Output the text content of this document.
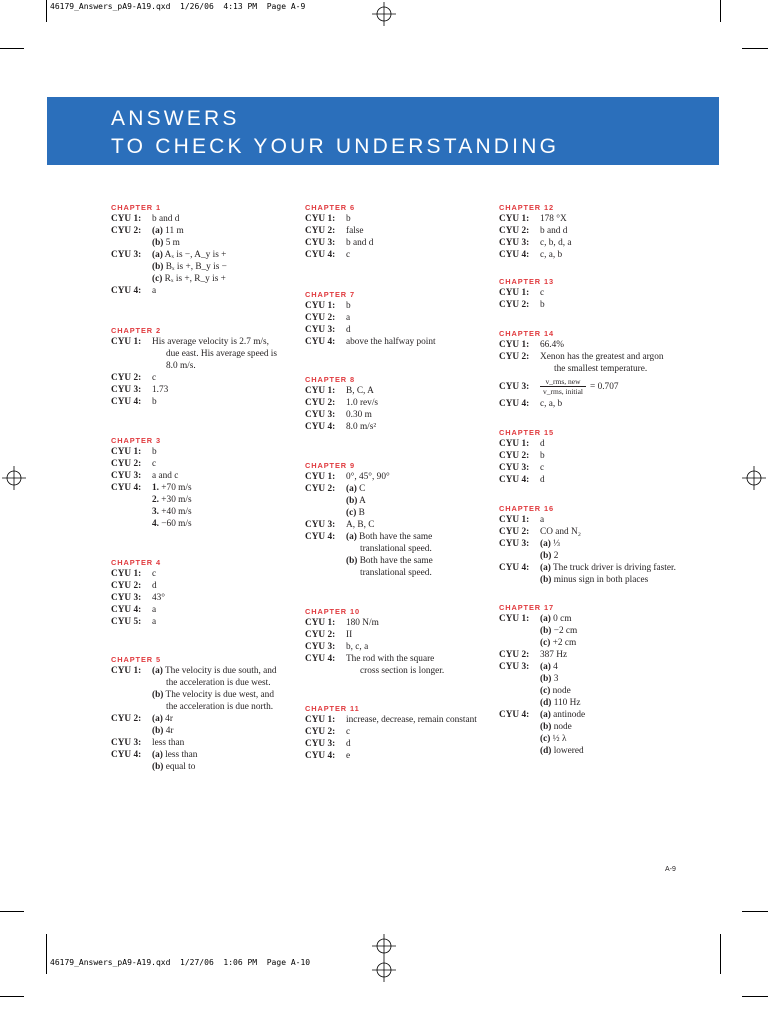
46179_Answers_pA9-A19.qxd  1/26/06  4:13 PM  Page A-9
46179_Answers_pA9-A19.qxd  1/27/06  1:06 PM  Page A-10
ANSWERS
TO CHECK YOUR UNDERSTANDING
CHAPTER 1
CYU 1:	b and d
CYU 2:	(a) 11 m
(b) 5 m
CYU 3:	(a) Aₓ is −, A_y is +
(b) Bₓ is +, B_y is −
(c) Rₓ is +, R_y is +
CYU 4:	a
CHAPTER 2
CYU 1:	His average velocity is 2.7 m/s,
due east. His average speed is
8.0 m/s.
CYU 2:	c
CYU 3:	1.73
CYU 4:	b
CHAPTER 3
CYU 1:	b
CYU 2:	c
CYU 3:	a and c
CYU 4:	1. +70 m/s
2. +30 m/s
3. +40 m/s
4. −60 m/s
CHAPTER 4
CYU 1:	c
CYU 2:	d
CYU 3:	43°
CYU 4:	a
CYU 5:	a
CHAPTER 5
CYU 1:	(a) The velocity is due south, and
the acceleration is due west.
(b) The velocity is due west, and
the acceleration is due north.
CYU 2:	(a) 4r
(b) 4r
CYU 3:	less than
CYU 4:	(a) less than
(b) equal to
CHAPTER 6
CYU 1:	b
CYU 2:	false
CYU 3:	b and d
CYU 4:	c
CHAPTER 7
CYU 1:	b
CYU 2:	a
CYU 3:	d
CYU 4:	above the halfway point
CHAPTER 8
CYU 1:	B, C, A
CYU 2:	1.0 rev/s
CYU 3:	0.30 m
CYU 4:	8.0 m/s²
CHAPTER 9
CYU 1:	0°, 45°, 90°
CYU 2:	(a) C
(b) A
(c) B
CYU 3:	A, B, C
CYU 4:	(a) Both have the same
translational speed.
(b) Both have the same
translational speed.
CHAPTER 10
CYU 1:	180 N/m
CYU 2:	II
CYU 3:	b, c, a
CYU 4:	The rod with the square
cross section is longer.
CHAPTER 11
CYU 1:	increase, decrease, remain constant
CYU 2:	c
CYU 3:	d
CYU 4:	e
CHAPTER 12
CYU 1:	178 °X
CYU 2:	b and d
CYU 3:	c, b, d, a
CYU 4:	c, a, b
CHAPTER 13
CYU 1:	c
CYU 2:	b
CHAPTER 14
CYU 1:	66.4%
CYU 2:	Xenon has the greatest and argon
the smallest temperature.
CYU 3:	$\frac{\text{v\_rms, new}}{\text{v\_rms, initial}} = 0.707$
CYU 4:	c, a, b
CHAPTER 15
CYU 1:	d
CYU 2:	b
CYU 3:	c
CYU 4:	d
CHAPTER 16
CYU 1:	a
CYU 2:	CO and N₂
CYU 3:	(a) ⅓
(b) 2
CYU 4:	(a) The truck driver is driving faster.
(b) minus sign in both places
CHAPTER 17
CYU 1:	(a) 0 cm
(b) −2 cm
(c) +2 cm
CYU 2:	387 Hz
CYU 3:	(a) 4
(b) 3
(c) node
(d) 110 Hz
CYU 4:	(a) antinode
(b) node
(c) ½ λ
(d) lowered
A-9
